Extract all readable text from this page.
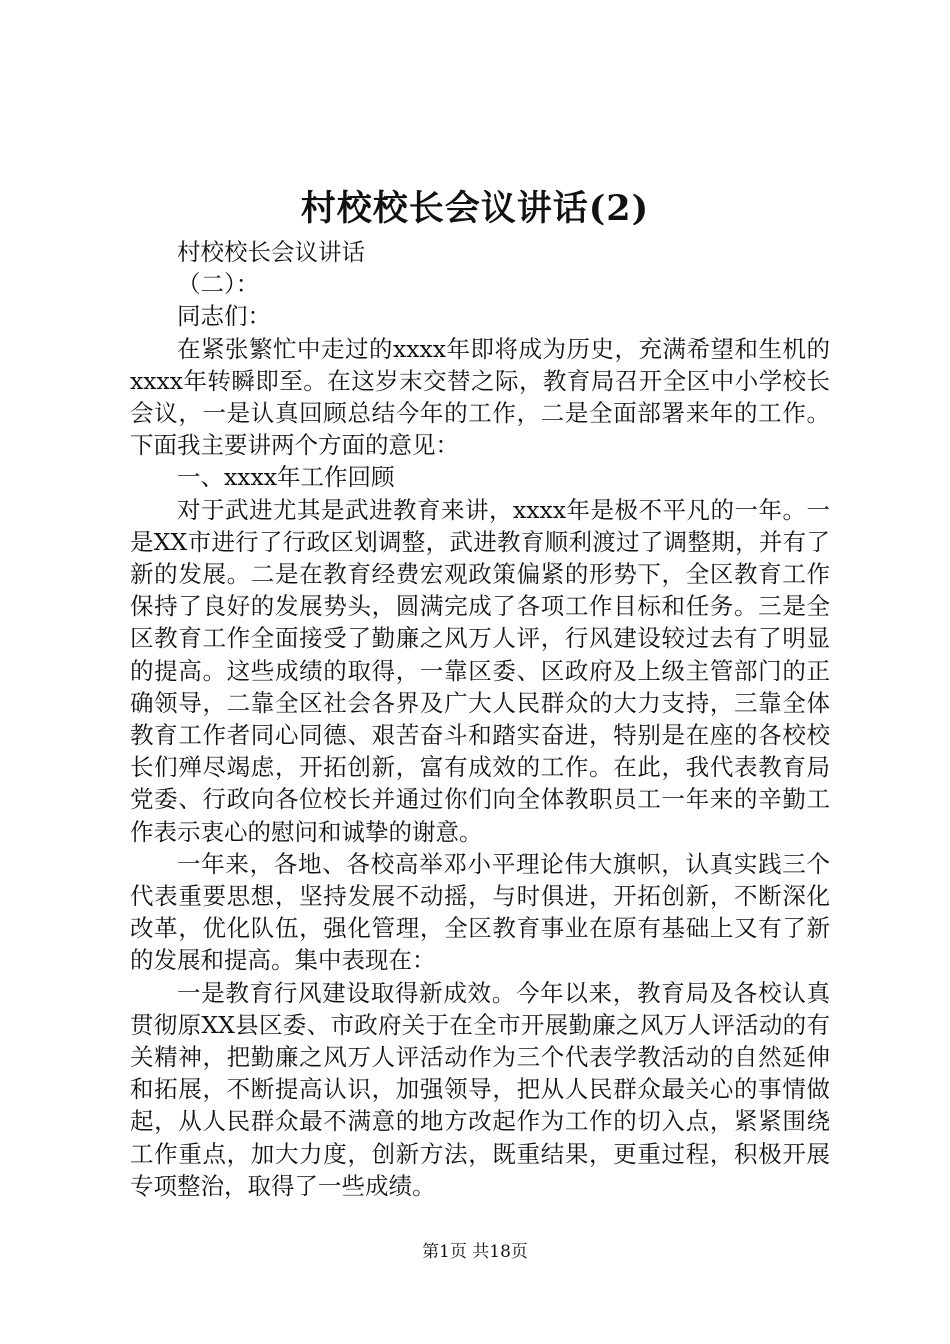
村校校长会议讲话(2)

村校校长会议讲话

（二）：

同志们：

在紧张繁忙中走过的xxxx年即将成为历史，充满希望和生机的xxxx年转瞬即至。在这岁末交替之际，教育局召开全区中小学校长会议，一是认真回顾总结今年的工作，二是全面部署来年的工作。下面我主要讲两个方面的意见：

一、xxxx年工作回顾

对于武进尤其是武进教育来讲，xxxx年是极不平凡的一年。一是XX市进行了行政区划调整，武进教育顺利渡过了调整期，并有了新的发展。二是在教育经费宏观政策偏紧的形势下，全区教育工作保持了良好的发展势头，圆满完成了各项工作目标和任务。三是全区教育工作全面接受了勤廉之风万人评，行风建设较过去有了明显的提高。这些成绩的取得，一靠区委、区政府及上级主管部门的正确领导，二靠全区社会各界及广大人民群众的大力支持，三靠全体教育工作者同心同德、艰苦奋斗和踏实奋进，特别是在座的各校校长们殚尽竭虑，开拓创新，富有成效的工作。在此，我代表教育局党委、行政向各位校长并通过你们向全体教职员工一年来的辛勤工作表示衷心的慰问和诚挚的谢意。

一年来，各地、各校高举邓小平理论伟大旗帜，认真实践三个代表重要思想，坚持发展不动摇，与时俱进，开拓创新，不断深化改革，优化队伍，强化管理，全区教育事业在原有基础上又有了新的发展和提高。集中表现在：

一是教育行风建设取得新成效。今年以来，教育局及各校认真贯彻原XX县区委、市政府关于在全市开展勤廉之风万人评活动的有关精神，把勤廉之风万人评活动作为三个代表学教活动的自然延伸和拓展，不断提高认识，加强领导，把从人民群众最关心的事情做起，从人民群众最不满意的地方改起作为工作的切入点，紧紧围绕工作重点，加大力度，创新方法，既重结果，更重过程，积极开展专项整治，取得了一些成绩。

第1页 共18页
